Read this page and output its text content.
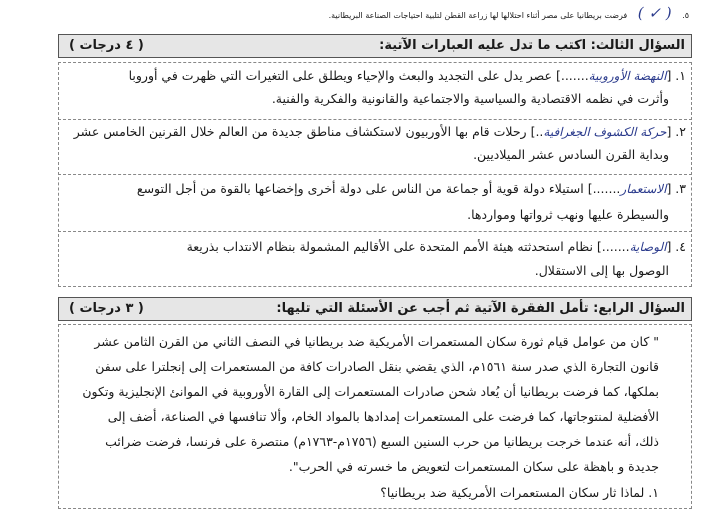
٥. ( ✓ ) فرضت بريطانيا على مصر أثناء احتلالها لها زراعة القطن لتلبية احتياجات الصناعة البريطانية.
السؤال الثالث: اكتب ما تدل عليه العبارات الآتية:
( ٤ درجات )
١. [النهضة الأوروبية.......] عصر يدل على التجديد والبعث والإحياء ويطلق على التغيرات التي ظهرت في أوروبا
وأثرت في نظمه الاقتصادية والسياسية والاجتماعية والقانونية والفكرية والفنية.
٢. [حركة الكشوف الجغرافية..] رحلات قام بها الأوربيون لاستكشاف مناطق جديدة من العالم خلال القرنين الخامس عشر
وبداية القرن السادس عشر الميلاديين.
٣. [الاستعمار.......] استيلاء دولة قوية أو جماعة من الناس على دولة أخرى وإخضاعها بالقوة من أجل التوسع
والسيطرة عليها ونهب ثرواتها ومواردها.
٤. [الوصاية.......] نظام استحدثته هيئة الأمم المتحدة على الأقاليم المشمولة بنظام الانتداب بذريعة
الوصول بها إلى الاستقلال.
السؤال الرابع: تأمل الفقرة الآتية ثم أجب عن الأسئلة التي تليها:
( ٣ درجات )
" كان من عوامل قيام ثورة سكان المستعمرات الأمريكية ضد بريطانيا في النصف الثاني من القرن الثامن عشر
قانون التجارة الذي صدر سنة ١٥٦١م، الذي يقضي بنقل الصادرات كافة من المستعمرات إلى إنجلترا على سفن
بملكها، كما فرضت بريطانيا أن يُعاد شحن صادرات المستعمرات إلى القارة الأوروبية في الموانئ الإنجليزية وتكون
الأفضلية لمنتوجاتها، كما فرضت على المستعمرات إمدادها بالمواد الخام، وألا تنافسها في الصناعة، أضف إلى
ذلك، أنه عندما خرجت بريطانيا من حرب السنين السبع (١٧٥٦م-١٧٦٣م) منتصرة على فرنسا، فرضت ضرائب
جديدة و باهظة على سكان المستعمرات لتعويض ما خسرته في الحرب".
١. لماذا ثار سكان المستعمرات الأمريكية ضد بريطانيا؟
